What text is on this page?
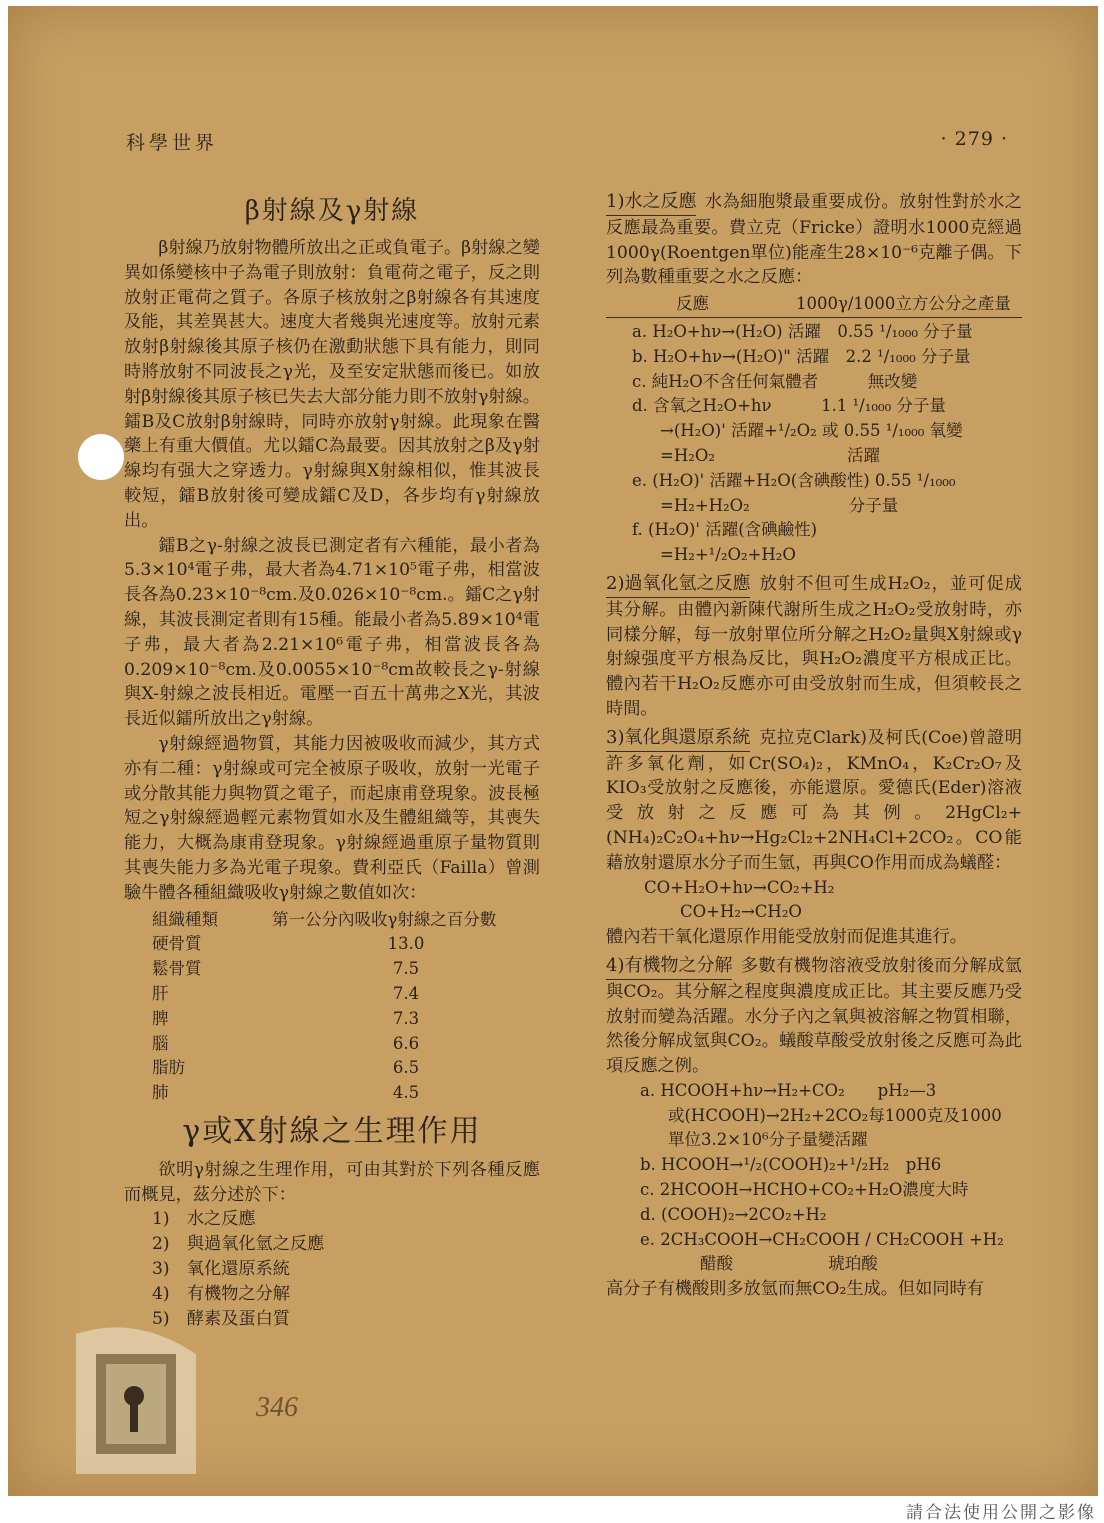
科學世界	· 279 ·
β射線及γ射線

β射線乃放射物體所放出之正或負電子。β射線之變異如係變核中子為電子則放射：負電荷之電子，反之則放射正電荷之質子。各原子核放射之β射線各有其速度及能，其差異甚大。速度大者幾與光速度等。放射元素放射β射線後其原子核仍在激動狀態下具有能力，則同時將放射不同波長之γ光，及至安定狀態而後已。如放射β射線後其原子核已失去大部分能力則不放射γ射線。鐳B及C放射β射線時，同時亦放射γ射線。此現象在醫藥上有重大價值。尤以鐳C為最要。因其放射之β及γ射線均有强大之穿透力。γ射線與X射線相似，惟其波長較短，鐳B放射後可變成鐳C及D，各步均有γ射線放出。

鐳B之γ-射線之波長已測定者有六種能，最小者為5.3×10⁴電子弗，最大者為4.71×10⁵電子弗，相當波長各為0.23×10⁻⁸cm.及0.026×10⁻⁸cm.。鐳C之γ射線，其波長測定者則有15種。能最小者為5.89×10⁴電子弗，最大者為2.21×10⁶電子弗，相當波長各為0.209×10⁻⁸cm.及0.0055×10⁻⁸cm故較長之γ-射線與X-射線之波長相近。電壓一百五十萬弗之X光，其波長近似鐳所放出之γ射線。

γ射線經過物質，其能力因被吸收而減少，其方式亦有二種：γ射線或可完全被原子吸收，放射一光電子或分散其能力與物質之電子，而起康甫登現象。波長極短之γ射線經過輕元素物質如水及生體組織等，其喪失能力，大概為康甫登現象。γ射線經過重原子量物質則其喪失能力多為光電子現象。費利亞氏（Failla）曾測驗牛體各種組織吸收γ射線之數值如次：

組織種類	第一公分內吸收γ射線之百分數
硬骨質	13.0
鬆骨質	7.5
肝	7.4
脾	7.3
腦	6.6
脂肪	6.5
肺	4.5
γ或X射線之生理作用

欲明γ射線之生理作用，可由其對於下列各種反應而概見，茲分述於下：

1)　水之反應
2)　與過氧化氫之反應
3)　氧化還原系統
4)　有機物之分解
5)　酵素及蛋白質

1)水之反應 水為細胞漿最重要成份。放射性對於水之反應最為重要。費立克（Fricke）證明水1000克經過1000γ(Roentgen單位)能產生28×10⁻⁶克離子偶。下列為數種重要之水之反應：

反應	1000γ/1000立方公分之產量
a. H₂O+hν→(H₂O) 活躍　0.55 ¹/₁₀₀₀ 分子量
b. H₂O+hν→(H₂O)" 活躍　2.2 ¹/₁₀₀₀ 分子量
c. 純H₂O不含任何氣體者　　　無改變
d. 含氧之H₂O+hν　　　1.1 ¹/₁₀₀₀ 分子量
→(H₂O)' 活躍+¹/₂O₂ 或 0.55 ¹/₁₀₀₀ 氧變
=H₂O₂　　　　　　　　活躍
e. (H₂O)' 活躍+H₂O(含碘酸性) 0.55 ¹/₁₀₀₀
=H₂+H₂O₂　　　　　　分子量
f. (H₂O)' 活躍(含碘鹼性)
=H₂+¹/₂O₂+H₂O

2)過氧化氫之反應 放射不但可生成H₂O₂，並可促成其分解。由體內新陳代謝所生成之H₂O₂受放射時，亦同樣分解，每一放射單位所分解之H₂O₂量與X射線或γ射線强度平方根為反比，與H₂O₂濃度平方根成正比。體內若干H₂O₂反應亦可由受放射而生成，但須較長之時間。

3)氧化與還原系統 克拉克Clark)及柯氏(Coe)曾證明許多氧化劑，如Cr(SO₄)₂，KMnO₄，K₂Cr₂O₇及KIO₃受放射之反應後，亦能還原。愛德氏(Eder)溶液受放射之反應可為其例。2HgCl₂+(NH₄)₂C₂O₄+hν→Hg₂Cl₂+2NH₄Cl+2CO₂。CO能藉放射還原水分子而生氫，再與CO作用而成為蟻醛：

CO+H₂O+hν→CO₂+H₂
CO+H₂→CH₂O

體內若干氧化還原作用能受放射而促進其進行。

4)有機物之分解 多數有機物溶液受放射後而分解成氫與CO₂。其分解之程度與濃度成正比。其主要反應乃受放射而變為活躍。水分子內之氧與被溶解之物質相聯，然後分解成氫與CO₂。蟻酸草酸受放射後之反應可為此項反應之例。

a. HCOOH+hν→H₂+CO₂　　pH₂—3
或(HCOOH)→2H₂+2CO₂每1000克及1000
單位3.2×10⁶分子量變活躍
b. HCOOH→¹/₂(COOH)₂+¹/₂H₂　pH6
c. 2HCOOH→HCHO+CO₂+H₂O濃度大時
d. (COOH)₂→2CO₂+H₂
e. 2CH₃COOH→CH₂COOH / CH₂COOH +H₂
醋酸	琥珀酸

高分子有機酸則多放氫而無CO₂生成。但如同時有

346
請合法使用公開之影像
